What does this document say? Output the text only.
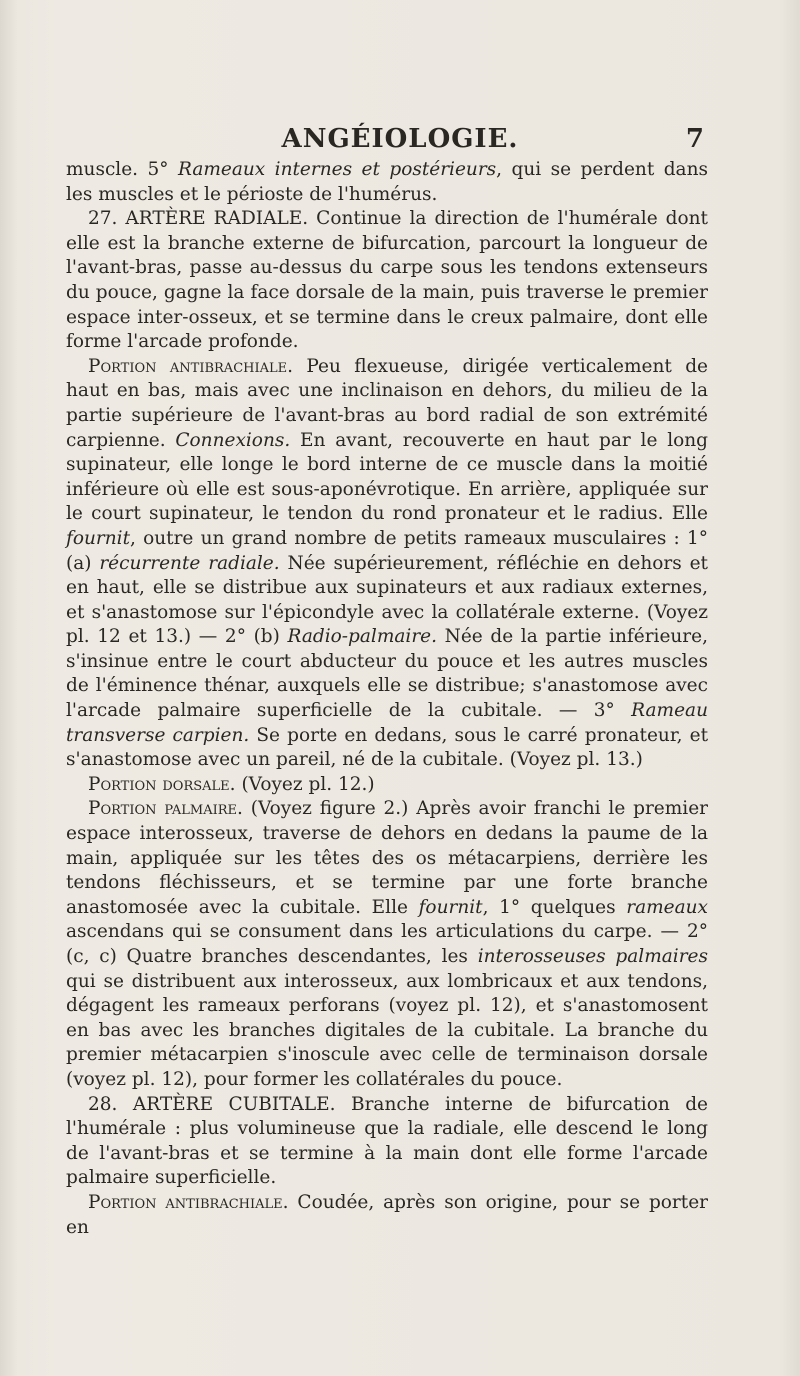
ANGÉIOLOGIE.	7

muscle. 5° Rameaux internes et postérieurs, qui se perdent dans les muscles et le périoste de l'humérus.

27. ARTÈRE RADIALE. Continue la direction de l'humérale dont elle est la branche externe de bifurcation, parcourt la longueur de l'avant-bras, passe au-dessus du carpe sous les tendons extenseurs du pouce, gagne la face dorsale de la main, puis traverse le premier espace inter-osseux, et se termine dans le creux palmaire, dont elle forme l'arcade profonde.

Portion antibrachiale. Peu flexueuse, dirigée verticalement de haut en bas, mais avec une inclinaison en dehors, du milieu de la partie supérieure de l'avant-bras au bord radial de son extrémité carpienne. Connexions. En avant, recouverte en haut par le long supinateur, elle longe le bord interne de ce muscle dans la moitié inférieure où elle est sous-aponévrotique. En arrière, appliquée sur le court supinateur, le tendon du rond pronateur et le radius. Elle fournit, outre un grand nombre de petits rameaux musculaires : 1° (a) récurrente radiale. Née supérieurement, réfléchie en dehors et en haut, elle se distribue aux supinateurs et aux radiaux externes, et s'anastomose sur l'épicondyle avec la collatérale externe. (Voyez pl. 12 et 13.) — 2° (b) Radio-palmaire. Née de la partie inférieure, s'insinue entre le court abducteur du pouce et les autres muscles de l'éminence thénar, auxquels elle se distribue; s'anastomose avec l'arcade palmaire superficielle de la cubitale. — 3° Rameau transverse carpien. Se porte en dedans, sous le carré pronateur, et s'anastomose avec un pareil, né de la cubitale. (Voyez pl. 13.)

Portion dorsale. (Voyez pl. 12.)

Portion palmaire. (Voyez figure 2.) Après avoir franchi le premier espace interosseux, traverse de dehors en dedans la paume de la main, appliquée sur les têtes des os métacarpiens, derrière les tendons fléchisseurs, et se termine par une forte branche anastomosée avec la cubitale. Elle fournit, 1° quelques rameaux ascendans qui se consument dans les articulations du carpe. — 2° (c, c) Quatre branches descendantes, les interosseuses palmaires qui se distribuent aux interosseux, aux lombricaux et aux tendons, dégagent les rameaux perforans (voyez pl. 12), et s'anastomosent en bas avec les branches digitales de la cubitale. La branche du premier métacarpien s'inoscule avec celle de terminaison dorsale (voyez pl. 12), pour former les collatérales du pouce.

28. ARTÈRE CUBITALE. Branche interne de bifurcation de l'humérale : plus volumineuse que la radiale, elle descend le long de l'avant-bras et se termine à la main dont elle forme l'arcade palmaire superficielle.

Portion antibrachiale. Coudée, après son origine, pour se porter en
